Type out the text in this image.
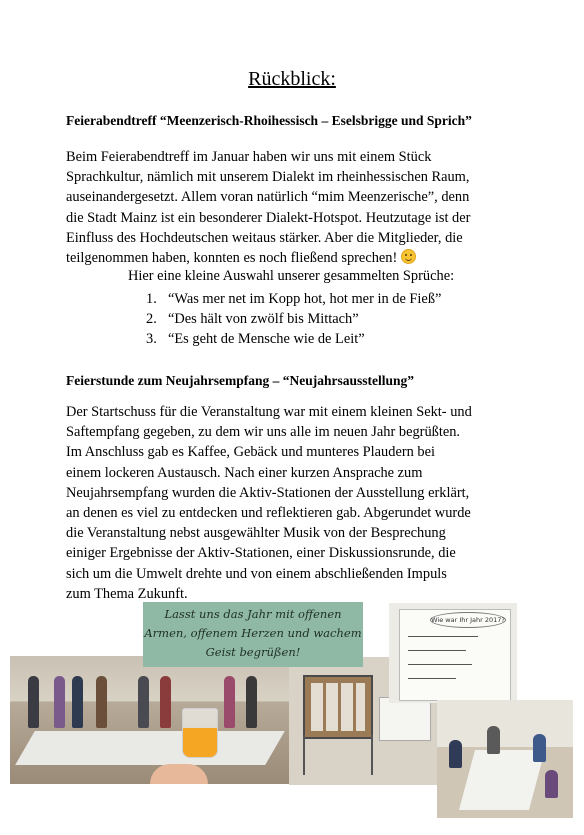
Rückblick:
Feierabendtreff “Meenzerisch-Rhoihessisch – Eselsbrigge und Sprich”
Beim Feierabendtreff im Januar haben wir uns mit einem Stück
Sprachkultur, nämlich mit unserem Dialekt im rheinhessischen Raum,
auseinandergesetzt. Allem voran natürlich “mim Meenzerische”, denn
die Stadt Mainz ist ein besonderer Dialekt-Hotspot. Heutzutage ist der
Einfluss des Hochdeutschen weitaus stärker. Aber die Mitglieder, die
teilgenommen haben, konnten es noch fließend sprechen!
Hier eine kleine Auswahl unserer gesammelten Sprüche:
1. “Was mer net im Kopp hot, hot mer in de Fieß”
2. “Des hält von zwölf bis Mittach”
3. “Es geht de Mensche wie de Leit”
Feierstunde zum Neujahrsempfang – “Neujahrsausstellung”
Der Startschuss für die Veranstaltung war mit einem kleinen Sekt- und
Saftempfang gegeben, zu dem wir uns alle im neuen Jahr begrüßten.
Im Anschluss gab es Kaffee, Gebäck und munteres Plaudern bei
einem lockeren Austausch. Nach einer kurzen Ansprache zum
Neujahrsempfang wurden die Aktiv-Stationen der Ausstellung erklärt,
an denen es viel zu entdecken und reflektieren gab. Abgerundet wurde
die Veranstaltung nebst ausgewählter Musik von der Besprechung
einiger Ergebnisse der Aktiv-Stationen, einer Diskussionsrunde, die
sich um die Umwelt drehte und von einem abschließenden Impuls
zum Thema Zukunft.
Lasst uns das Jahr mit offenen
Armen, offenem Herzen und wachem
Geist begrüßen!
Wie war Ihr Jahr 2017?
